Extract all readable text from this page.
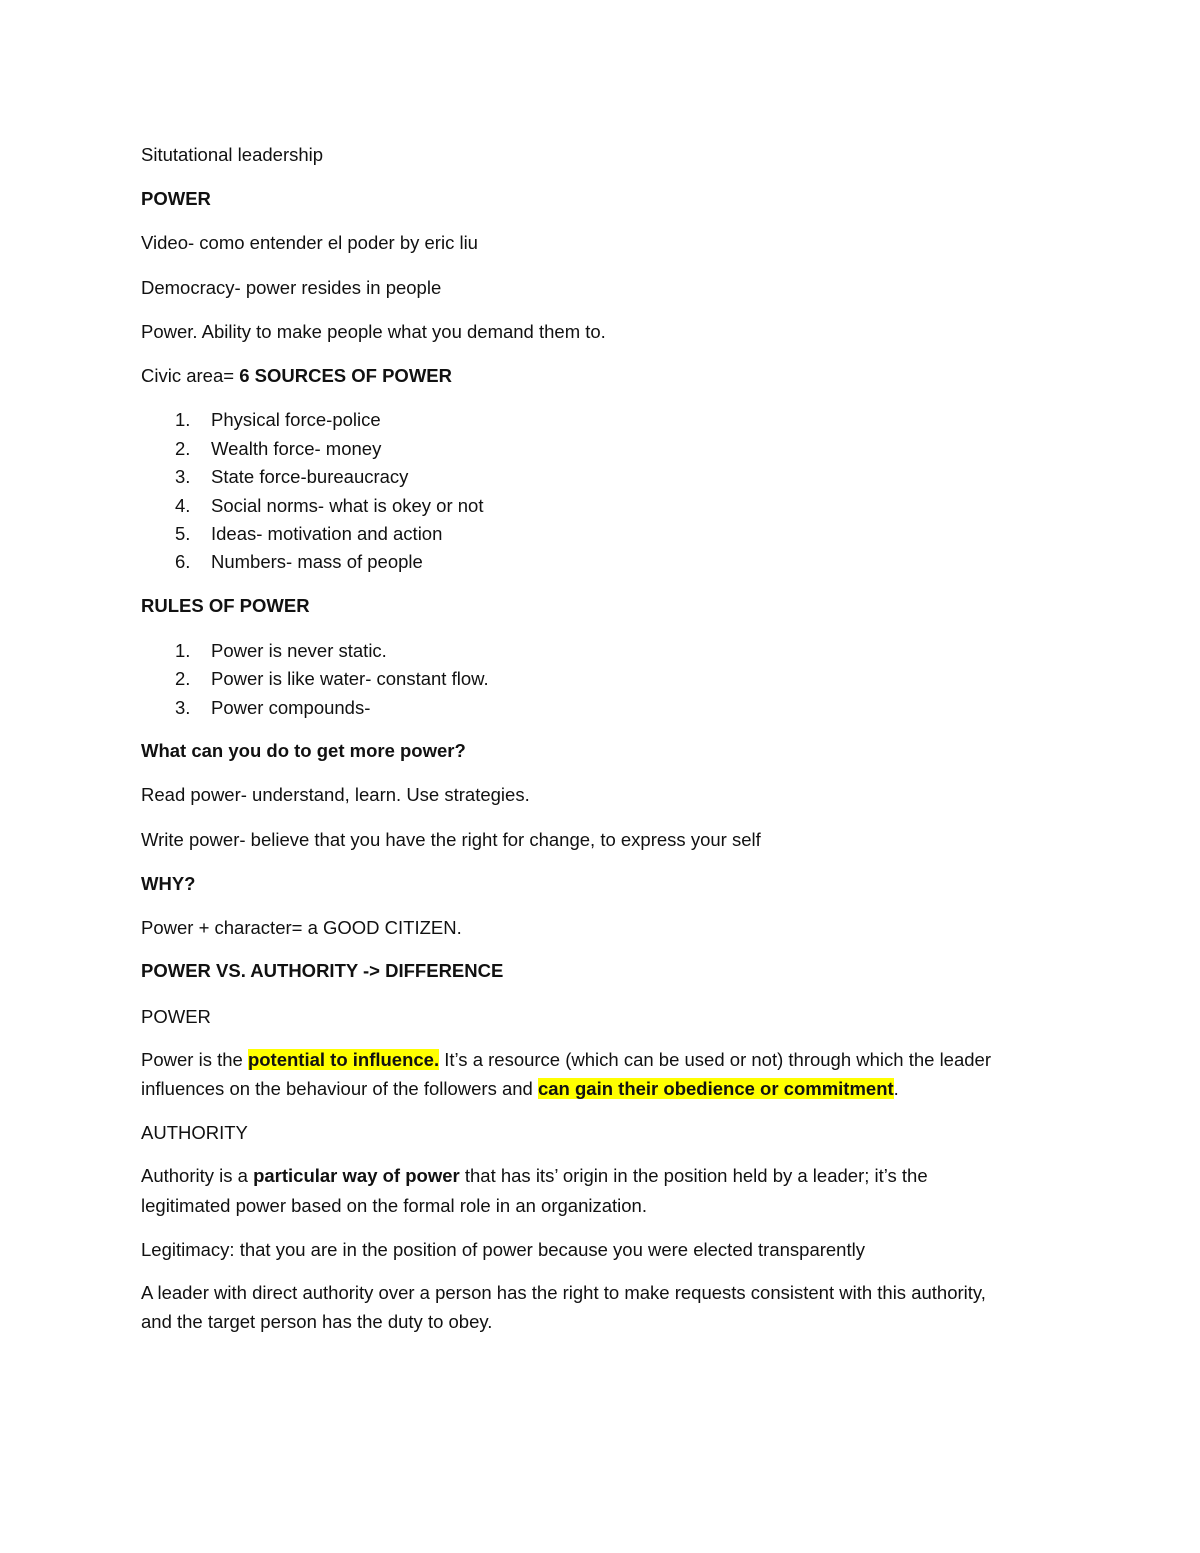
Situtational leadership
POWER
Video- como entender el poder by eric liu
Democracy- power resides in people
Power. Ability to make people what you demand them to.
Civic area= 6 SOURCES OF POWER
1. Physical force-police
2. Wealth force- money
3. State force-bureaucracy
4. Social norms- what is okey or not
5. Ideas- motivation and action
6. Numbers- mass of people
RULES OF POWER
1. Power is never static.
2. Power is like water- constant flow.
3. Power compounds-
What can you do to get more power?
Read power- understand, learn. Use strategies.
Write power- believe that you have the right for change, to express your self
WHY?
Power + character= a GOOD CITIZEN.
POWER VS. AUTHORITY -> DIFFERENCE
POWER
Power is the potential to influence. It’s a resource (which can be used or not) through which the leader
influences on the behaviour of the followers and can gain their obedience or commitment.
AUTHORITY
Authority is a particular way of power that has its’ origin in the position held by a leader; it’s the
legitimated power based on the formal role in an organization.
Legitimacy: that you are in the position of power because you were elected transparently
A leader with direct authority over a person has the right to make requests consistent with this authority,
and the target person has the duty to obey.
